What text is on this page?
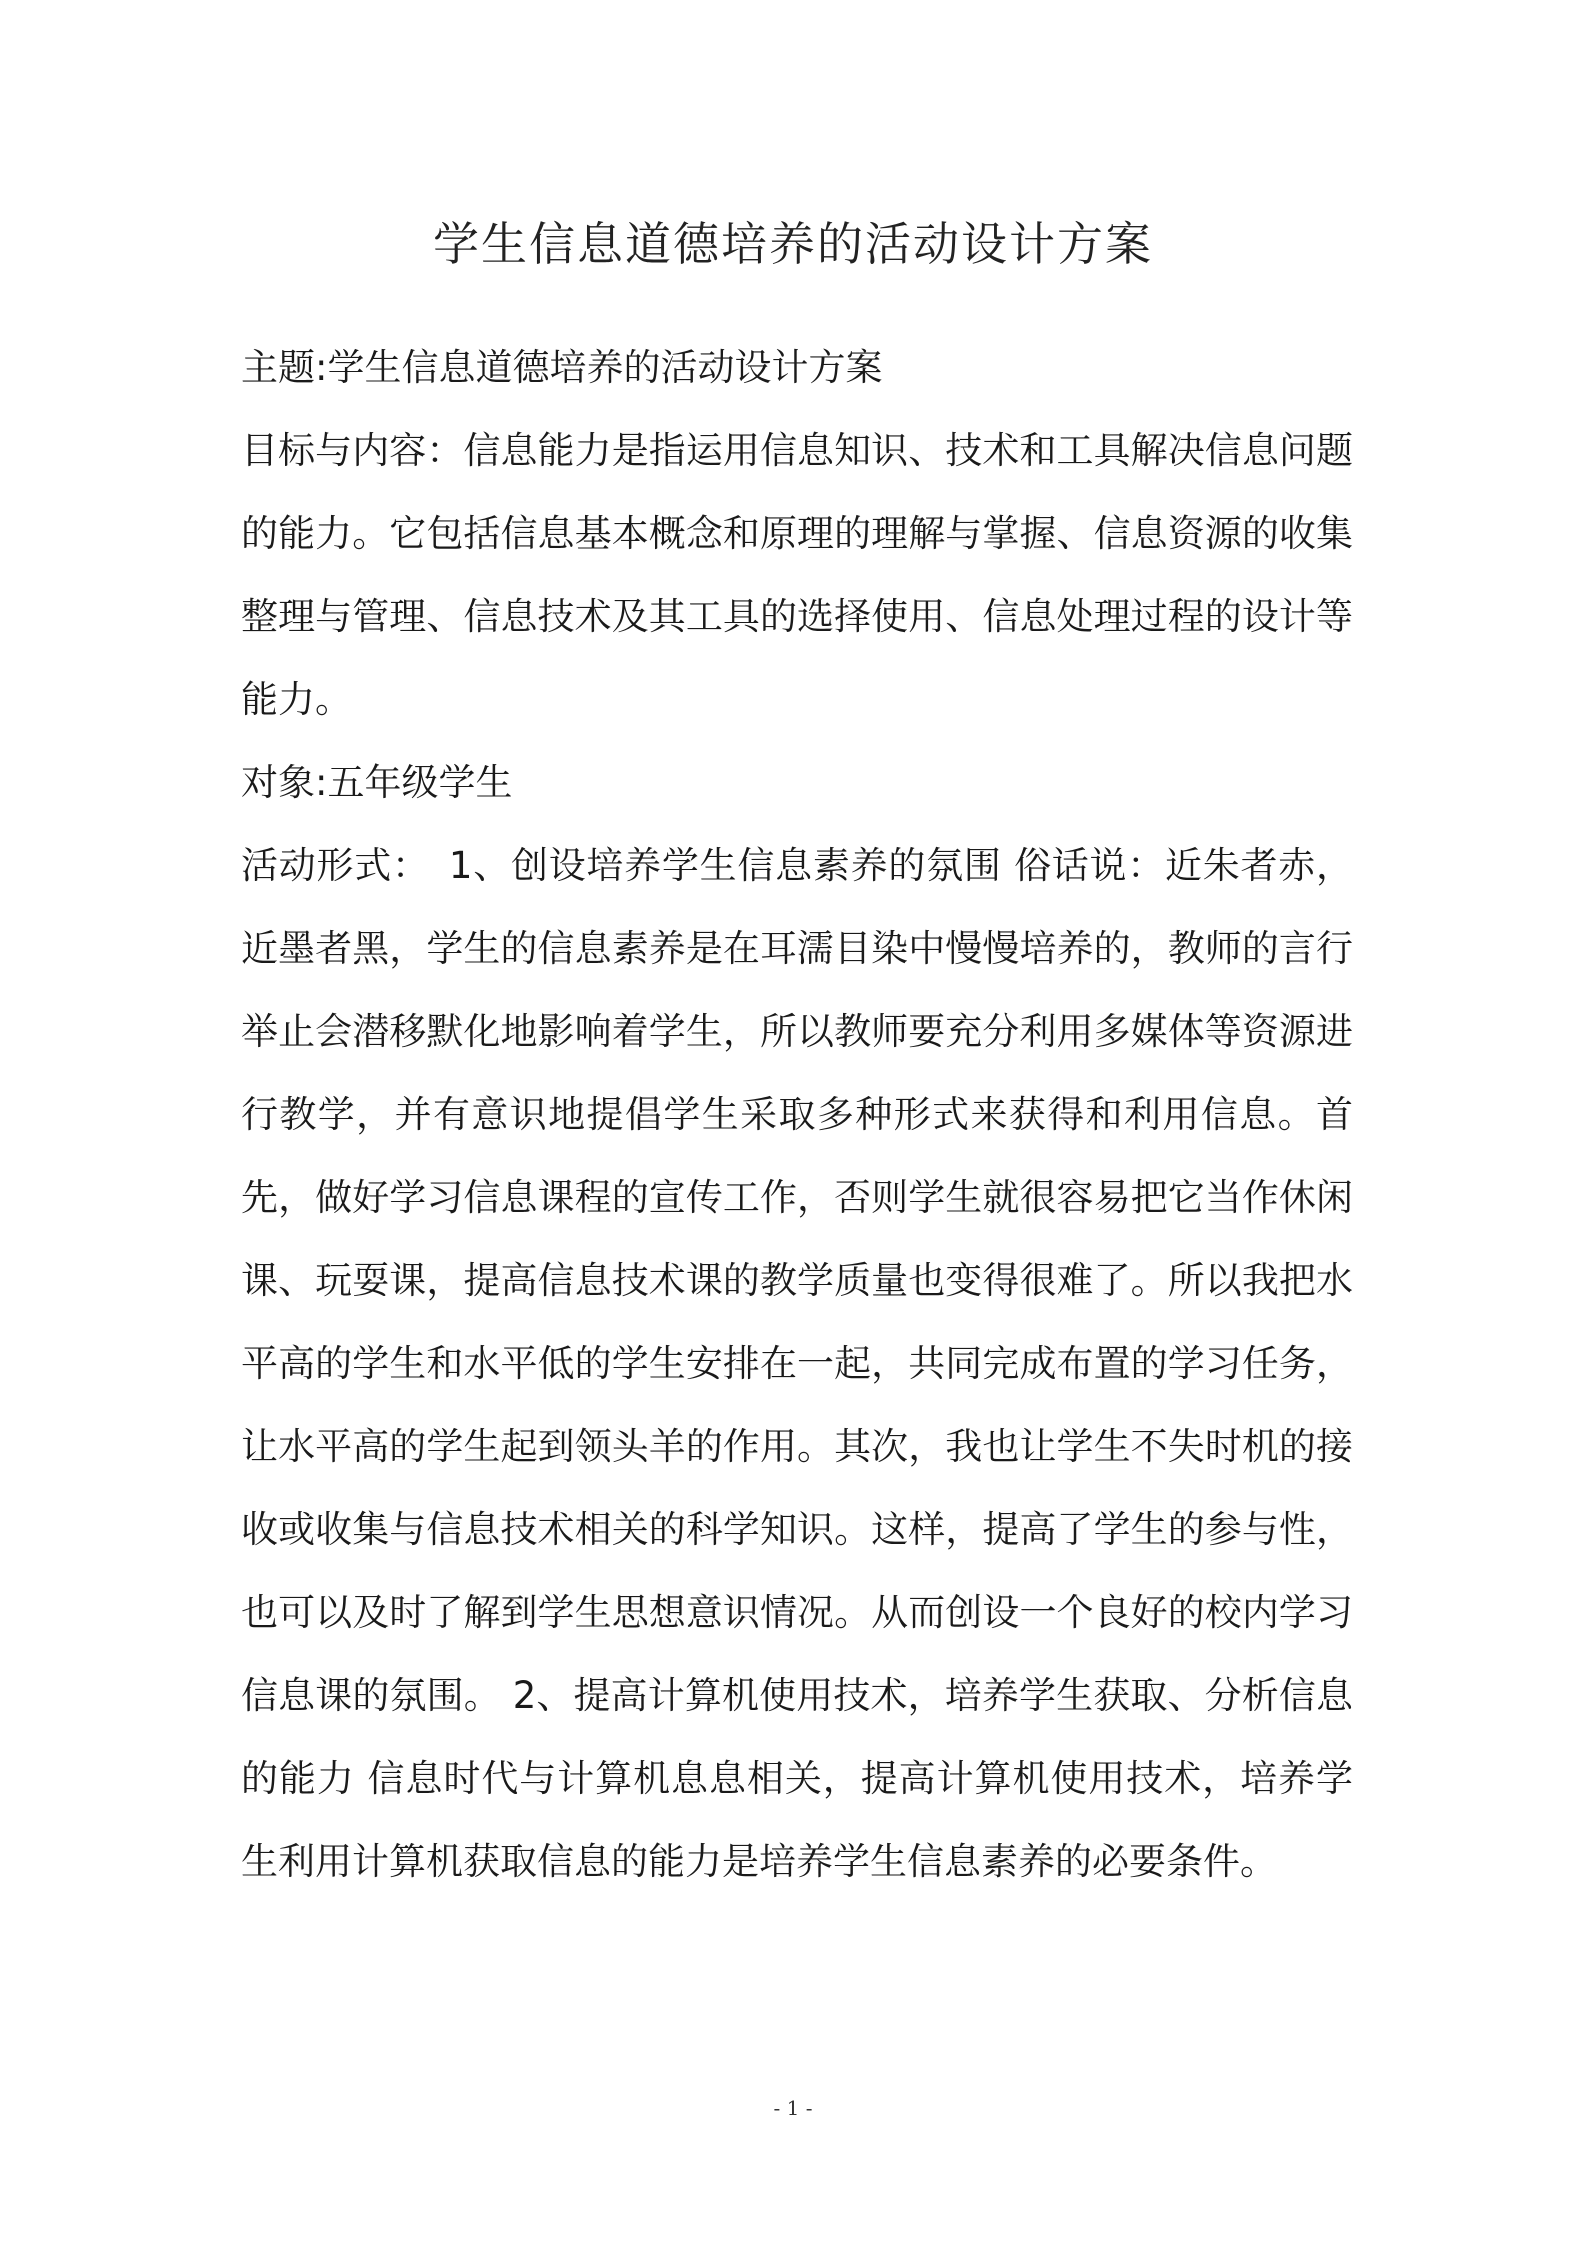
学生信息道德培养的活动设计方案

主题:学生信息道德培养的活动设计方案

目标与内容：信息能力是指运用信息知识、技术和工具解决信息问题的能力。它包括信息基本概念和原理的理解与掌握、信息资源的收集整理与管理、信息技术及其工具的选择使用、信息处理过程的设计等能力。

对象:五年级学生

活动形式：　1、创设培养学生信息素养的氛围 俗话说：近朱者赤，近墨者黑，学生的信息素养是在耳濡目染中慢慢培养的，教师的言行举止会潜移默化地影响着学生，所以教师要充分利用多媒体等资源进行教学，并有意识地提倡学生采取多种形式来获得和利用信息。首先，做好学习信息课程的宣传工作，否则学生就很容易把它当作休闲课、玩耍课，提高信息技术课的教学质量也变得很难了。所以我把水平高的学生和水平低的学生安排在一起，共同完成布置的学习任务，让水平高的学生起到领头羊的作用。其次，我也让学生不失时机的接收或收集与信息技术相关的科学知识。这样，提高了学生的参与性，也可以及时了解到学生思想意识情况。从而创设一个良好的校内学习信息课的氛围。 2、提高计算机使用技术，培养学生获取、分析信息的能力 信息时代与计算机息息相关，提高计算机使用技术，培养学生利用计算机获取信息的能力是培养学生信息素养的必要条件。

- 1 -
